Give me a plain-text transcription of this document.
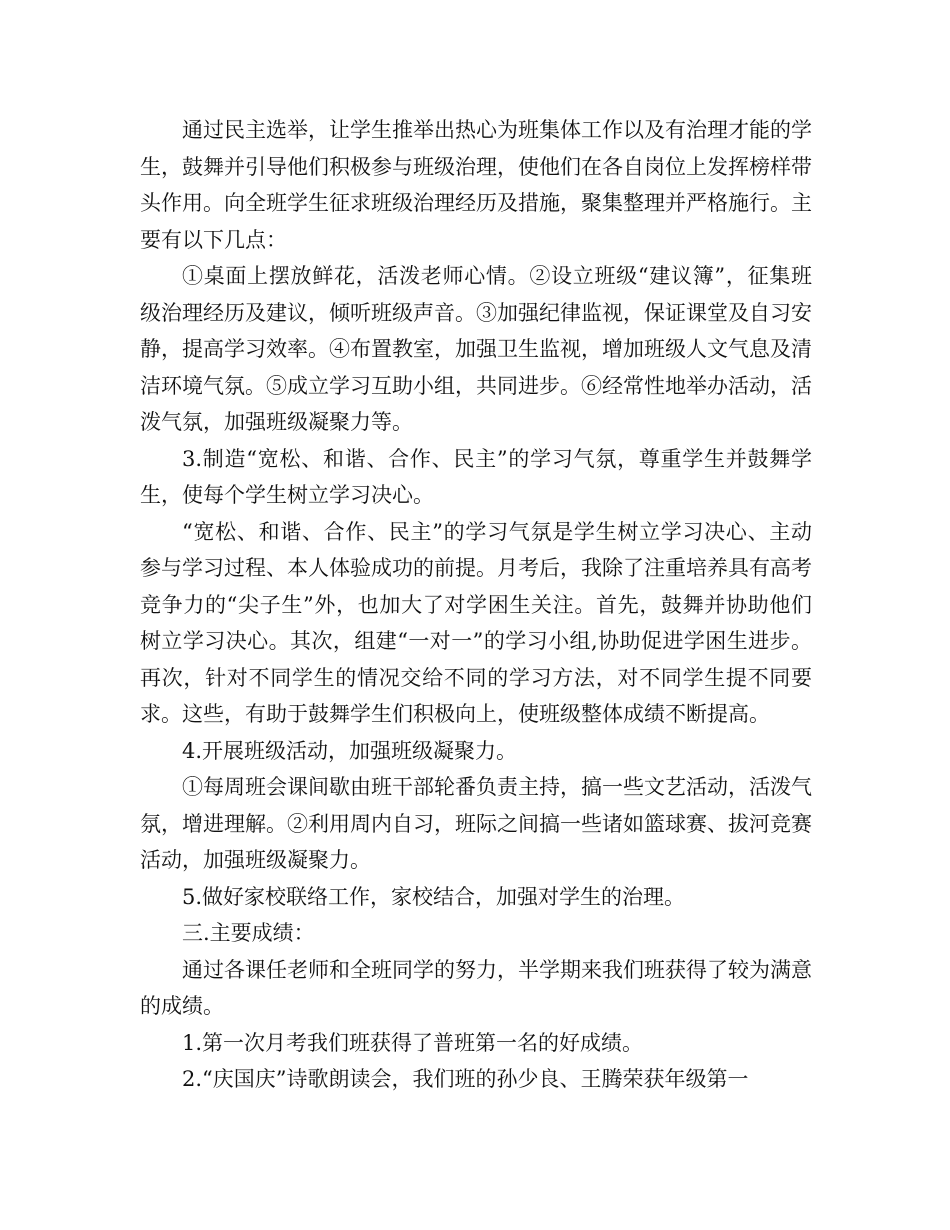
通过民主选举，让学生推举出热心为班集体工作以及有治理才能的学生，鼓舞并引导他们积极参与班级治理，使他们在各自岗位上发挥榜样带头作用。向全班学生征求班级治理经历及措施，聚集整理并严格施行。主要有以下几点：

①桌面上摆放鲜花，活泼老师心情。②设立班级“建议簿”，征集班级治理经历及建议，倾听班级声音。③加强纪律监视，保证课堂及自习安静，提高学习效率。④布置教室，加强卫生监视，增加班级人文气息及清洁环境气氛。⑤成立学习互助小组，共同进步。⑥经常性地举办活动，活泼气氛，加强班级凝聚力等。

3.制造“宽松、和谐、合作、民主”的学习气氛，尊重学生并鼓舞学生，使每个学生树立学习决心。

“宽松、和谐、合作、民主”的学习气氛是学生树立学习决心、主动参与学习过程、本人体验成功的前提。月考后，我除了注重培养具有高考竞争力的“尖子生”外，也加大了对学困生关注。首先，鼓舞并协助他们树立学习决心。其次，组建“一对一”的学习小组,协助促进学困生进步。再次，针对不同学生的情况交给不同的学习方法，对不同学生提不同要求。这些，有助于鼓舞学生们积极向上，使班级整体成绩不断提高。

4.开展班级活动，加强班级凝聚力。

①每周班会课间歇由班干部轮番负责主持，搞一些文艺活动，活泼气氛，增进理解。②利用周内自习，班际之间搞一些诸如篮球赛、拔河竞赛活动，加强班级凝聚力。

5.做好家校联络工作，家校结合，加强对学生的治理。

三.主要成绩：

通过各课任老师和全班同学的努力，半学期来我们班获得了较为满意的成绩。

1.第一次月考我们班获得了普班第一名的好成绩。

2.“庆国庆”诗歌朗读会，我们班的孙少良、王腾荣获年级第一
